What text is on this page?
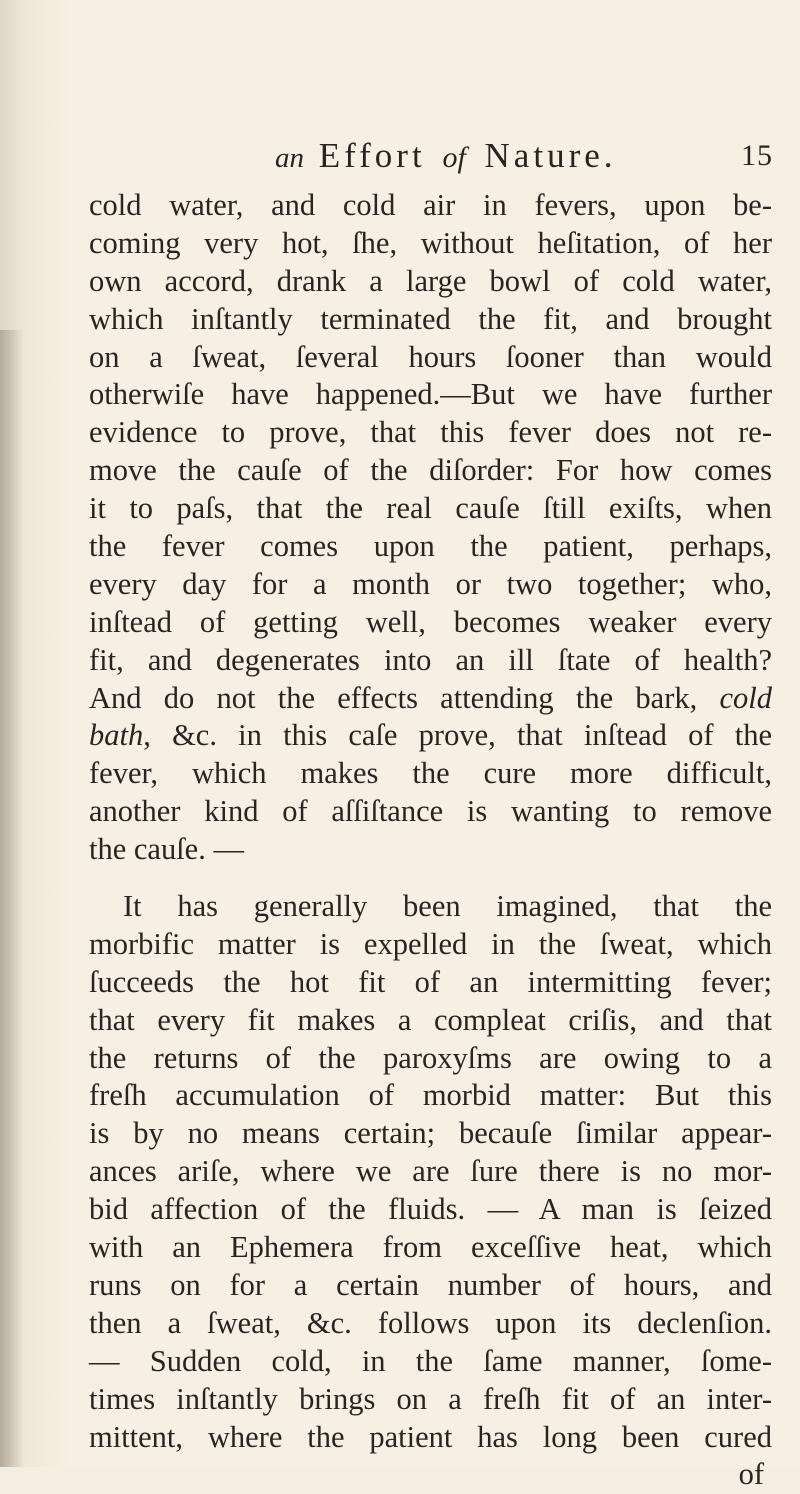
an Effort of Nature.	15
cold water, and cold air in fevers, upon be-
coming very hot, ſhe, without heſitation, of her
own accord, drank a large bowl of cold water,
which inſtantly terminated the fit, and brought
on a ſweat, ſeveral hours ſooner than would
otherwiſe have happened.—But we have further
evidence to prove, that this fever does not re-
move the cauſe of the diſorder: For how comes
it to paſs, that the real cauſe ſtill exiſts, when
the fever comes upon the patient, perhaps,
every day for a month or two together; who,
inſtead of getting well, becomes weaker every
fit, and degenerates into an ill ſtate of health?
And do not the effects attending the bark, cold
bath, &c. in this caſe prove, that inſtead of the
fever, which makes the cure more difficult,
another kind of aſſiſtance is wanting to remove
the cauſe. —
It has generally been imagined, that the
morbific matter is expelled in the ſweat, which
ſucceeds the hot fit of an intermitting fever;
that every fit makes a compleat criſis, and that
the returns of the paroxyſms are owing to a
freſh accumulation of morbid matter: But this
is by no means certain; becauſe ſimilar appear-
ances ariſe, where we are ſure there is no mor-
bid affection of the fluids. — A man is ſeized
with an Ephemera from exceſſive heat, which
runs on for a certain number of hours, and
then a ſweat, &c. follows upon its declenſion.
— Sudden cold, in the ſame manner, ſome-
times inſtantly brings on a freſh fit of an inter-
mittent, where the patient has long been cured
of
